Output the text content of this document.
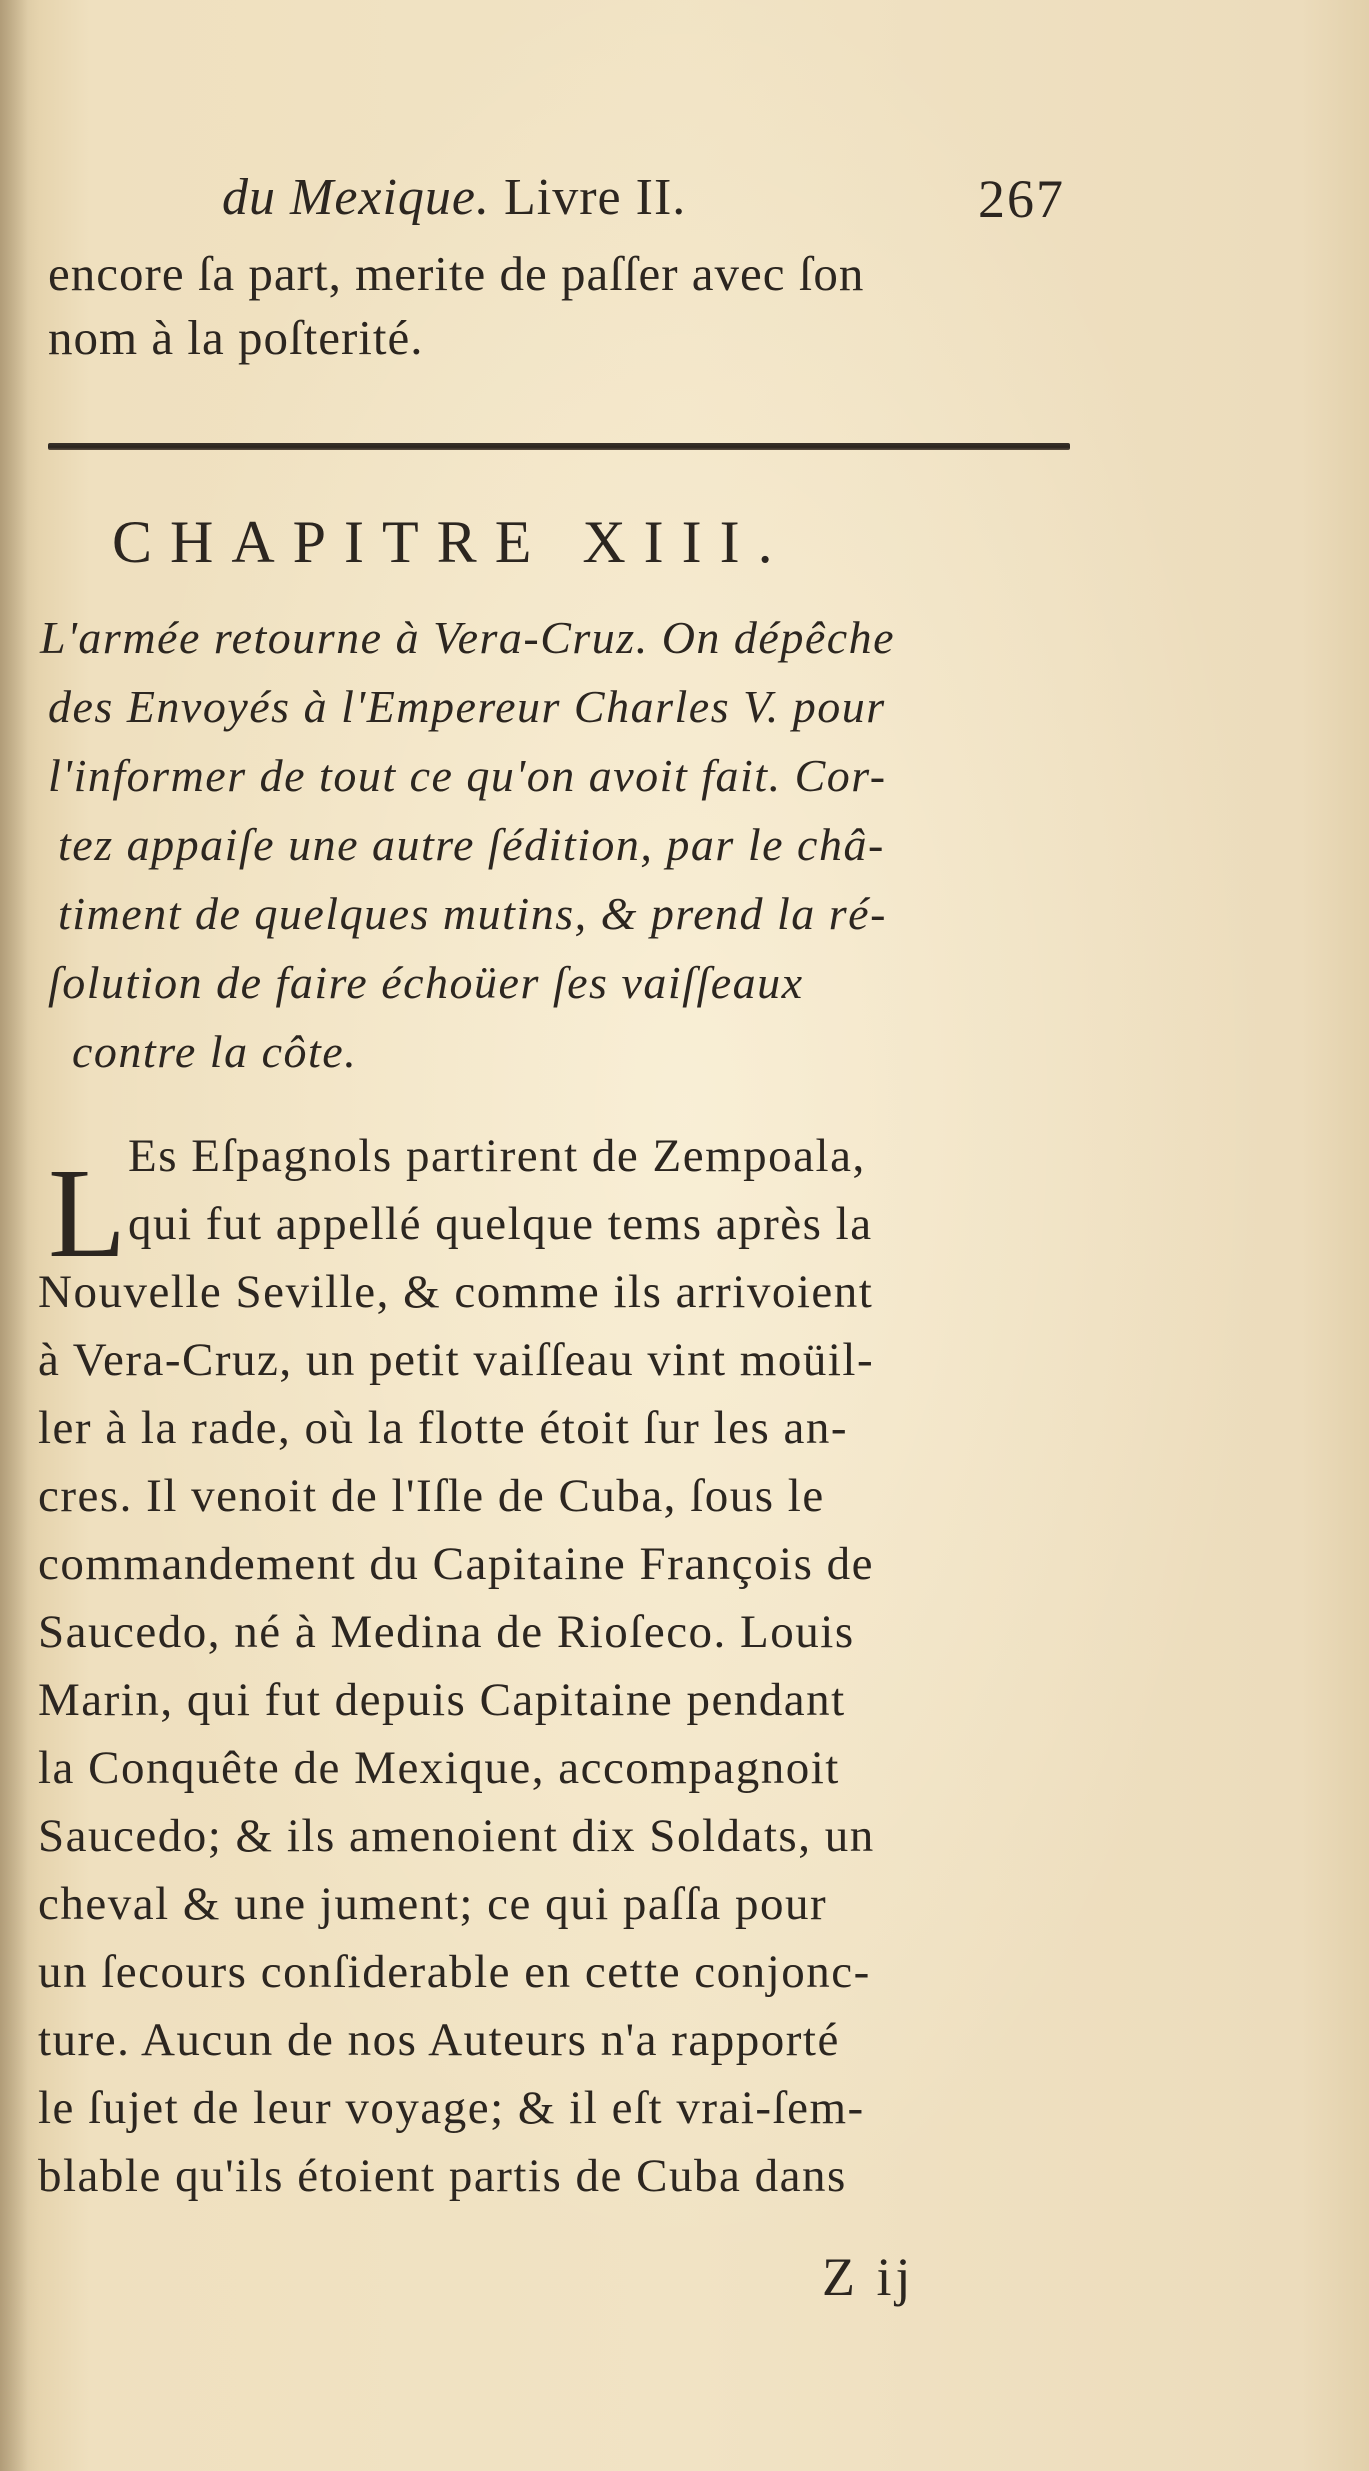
du Mexique. Livre II.	267
encore ſa part, merite de paſſer avec ſon
nom à la poſterité.
CHAPITRE XIII.
L'armée retourne à Vera-Cruz. On dépêche
des Envoyés à l'Empereur Charles V. pour
l'informer de tout ce qu'on avoit fait. Cor-
tez appaiſe une autre ſédition, par le châ-
timent de quelques mutins, & prend la ré-
ſolution de faire échoüer ſes vaiſſeaux
contre la côte.
L Es Eſpagnols partirent de Zempoala,
qui fut appellé quelque tems après la
Nouvelle Seville, & comme ils arrivoient
à Vera-Cruz, un petit vaiſſeau vint moüil-
ler à la rade, où la flotte étoit ſur les an-
cres. Il venoit de l'Iſle de Cuba, ſous le
commandement du Capitaine François de
Saucedo, né à Medina de Rioſeco. Louis
Marin, qui fut depuis Capitaine pendant
la Conquête de Mexique, accompagnoit
Saucedo; & ils amenoient dix Soldats, un
cheval & une jument; ce qui paſſa pour
un ſecours conſiderable en cette conjonc-
ture. Aucun de nos Auteurs n'a rapporté
le ſujet de leur voyage; & il eſt vrai-ſem-
blable qu'ils étoient partis de Cuba dans
Z ij
